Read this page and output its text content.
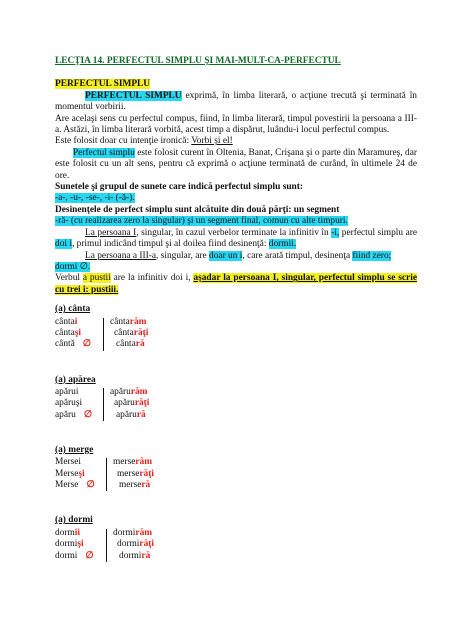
LECŢIA 14. PERFECTUL SIMPLU ŞI MAI-MULT-CA-PERFECTUL

PERFECTUL SIMPLU

PERFECTUL SIMPLU exprimă, în limba literară, o acţiune trecută şi terminată în momentul vorbirii.

Are acelaşi sens cu perfectul compus, fiind, în limba literară, timpul povestirii la persoana a III-a. Astăzi, în limba literară vorbită, acest timp a dispărut, luându-i locul perfectul compus.

Este folosit doar cu intenţie ironică: Vorbi şi el!

Perfectul simplu este folosit curent în Oltenia, Banat, Crişana şi o parte din Maramureş, dar este folosit cu un alt sens, pentru că exprimă o acţiune terminată de curând, în ultimele 24 de ore.

Sunetele şi grupul de sunete care indică perfectul simplu sunt:

-a-, -u-, -se-, -i- (-ă-).

Desinenţele de perfect simplu sunt alcătuite din două părţi: un segment

-ră- (cu realizarea zero la singular) şi un segment final, comun cu alte timpuri.

La persoana I, singular, în cazul verbelor terminate la infinitiv în -i, perfectul simplu are doi i, primul indicând timpul şi al doilea fiind desinenţă: dormii.

La persoana a III-a, singular, are doar un i, care arată timpul, desinenţa fiind zero;

dormi ∅.

Verbul a pustii are la infinitiv doi i, aşadar la persoana I, singular, perfectul simplu se scrie cu trei i: pustiii.

(a) cânta

cântai
cântaşi
cântă ∅
cântarăm
cântarăţi
cântară

(a) apărea

apărui
apăruşi
apăru ∅
apărurăm
apărurăţi
apărură

(a) merge

Mersei
Merseşi
Merse ∅
merserăm
merserăţi
merseră

(a) dormi

dormii
dormişi
dormi ∅
dormirăm
dormirăţi
dormiră
